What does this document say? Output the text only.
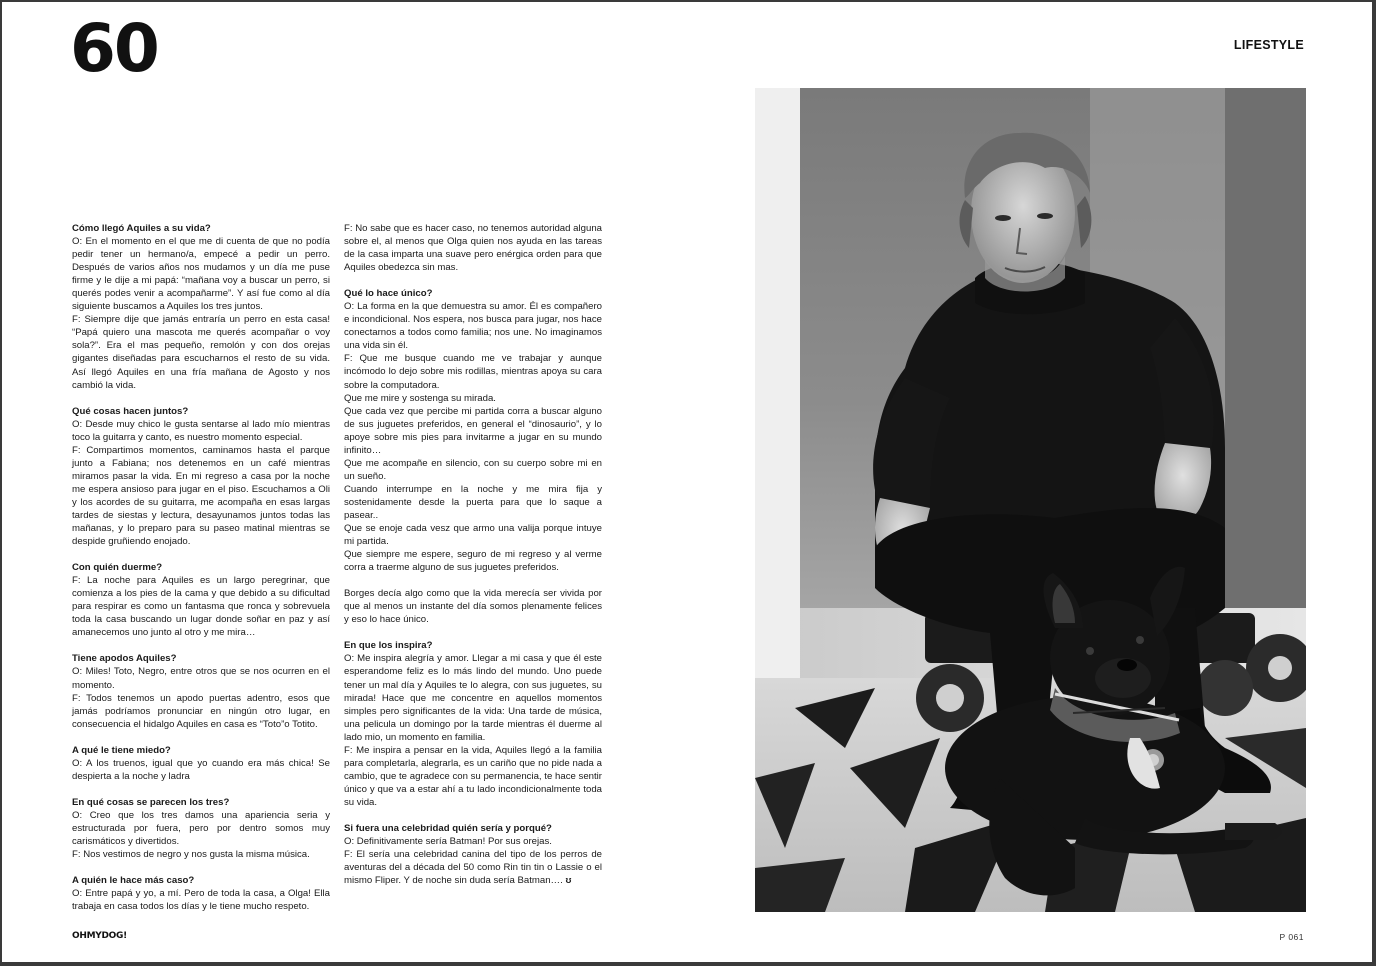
60	LIFESTYLE
Cómo llegó Aquiles a su vida?
O: En el momento en el que me di cuenta de que no podía pedir tener un hermano/a, empecé a pedir un perro. Después de varios años nos mudamos y un día me puse firme y le dije a mi papá: “mañana voy a buscar un perro, si querés podes venir a acompañarme”. Y así fue como al día siguiente buscamos a Aquiles los tres juntos.
F: Siempre dije que jamás entraría un perro en esta casa! “Papá quiero una mascota me querés acompañar o voy sola?”. Era el mas pequeño, remolón y con dos orejas gigantes diseñadas para escucharnos el resto de su vida. Así llegó Aquiles en una fría mañana de Agosto y nos cambió la vida.
Qué cosas hacen juntos?
O: Desde muy chico le gusta sentarse al lado mío mientras toco la guitarra y canto, es nuestro momento especial.
F: Compartimos momentos, caminamos hasta el parque junto a Fabiana; nos detenemos en un café mientras miramos pasar la vida. En mi regreso a casa por la noche me espera ansioso para jugar en el piso. Escuchamos a Oli y los acordes de su guitarra, me acompaña en esas largas tardes de siestas y lectura, desayunamos juntos todas las mañanas, y lo preparo para su paseo matinal mientras se despide gruñiendo enojado.
Con quién duerme?
F: La noche para Aquiles es un largo peregrinar, que comienza a los pies de la cama y que debido a su dificultad para respirar es como un fantasma que ronca y sobrevuela toda la casa buscando un lugar donde soñar en paz y así amanecemos uno junto al otro y me mira…
Tiene apodos Aquiles?
O: Miles! Toto, Negro, entre otros que se nos ocurren en el momento.
F: Todos tenemos un apodo puertas adentro, esos que jamás podríamos pronunciar en ningún otro lugar, en consecuencia el hidalgo Aquiles en casa es “Toto”o Totito.
A qué le tiene miedo?
O: A los truenos, igual que yo cuando era más chica! Se despierta a la noche y ladra
En qué cosas se parecen los tres?
O: Creo que los tres damos una apariencia seria y estructurada por fuera, pero por dentro somos muy carismáticos y divertidos.
F: Nos vestimos de negro y nos gusta la misma música.
A quién le hace más caso?
O: Entre papá y yo, a mí. Pero de toda la casa, a Olga! Ella trabaja en casa todos los días y le tiene mucho respeto.
F: No sabe que es hacer caso, no tenemos autoridad alguna sobre el, al menos que Olga quien nos ayuda en las tareas de la casa imparta una suave pero enérgica orden para que Aquiles obedezca sin mas.
Qué lo hace único?
O: La forma en la que demuestra su amor. Él es compañero e incondicional. Nos espera, nos busca para jugar, nos hace conectarnos a todos como familia; nos une. No imaginamos una vida sin él.
F: Que me busque cuando me ve trabajar y aunque incómodo lo dejo sobre mis rodillas, mientras apoya su cara sobre la computadora.
Que me mire y sostenga su mirada.
Que cada vez que percibe mi partida corra a buscar alguno de sus juguetes preferidos, en general el “dinosaurio”, y lo apoye sobre mis pies para invitarme a jugar en su mundo infinito…
Que me acompañe en silencio, con su cuerpo sobre mi en un sueño.
Cuando interrumpe en la noche y me mira fija y sostenidamente desde la puerta para que lo saque a pasear..
Que se enoje cada vesz que armo una valija porque intuye mi partida.
Que siempre me espere, seguro de mi regreso y al verme corra a traerme alguno de sus juguetes preferidos.
Borges decía algo como que la vida merecía ser vivida por que al menos un instante del día somos plenamente felices y eso lo hace único.
En que los inspira?
O: Me inspira alegría y amor. Llegar a mi casa y que él este esperandome feliz es lo más lindo del mundo. Uno puede tener un mal día y Aquiles te lo alegra, con sus juguetes, su mirada! Hace que me concentre en aquellos momentos simples pero significantes de la vida: Una tarde de música, una pelicula un domingo por la tarde mientras él duerme al lado mio, un momento en familia.
F: Me inspira a pensar en la vida, Aquiles llegó a la familia para completarla, alegrarla, es un cariño que no pide nada a cambio, que te agradece con su permanencia, te hace sentir único y que va a estar ahí a tu lado incondicionalmente toda su vida.
Si fuera una celebridad quién sería y porqué?
O: Definitivamente sería Batman! Por sus orejas.
F: El sería una celebridad canina del tipo de los perros de aventuras del a década del 50 como Rin tin tin o Lassie o el mismo Fliper. Y de noche sin duda sería Batman…. ʊ
OHMYDOG!	P 061
